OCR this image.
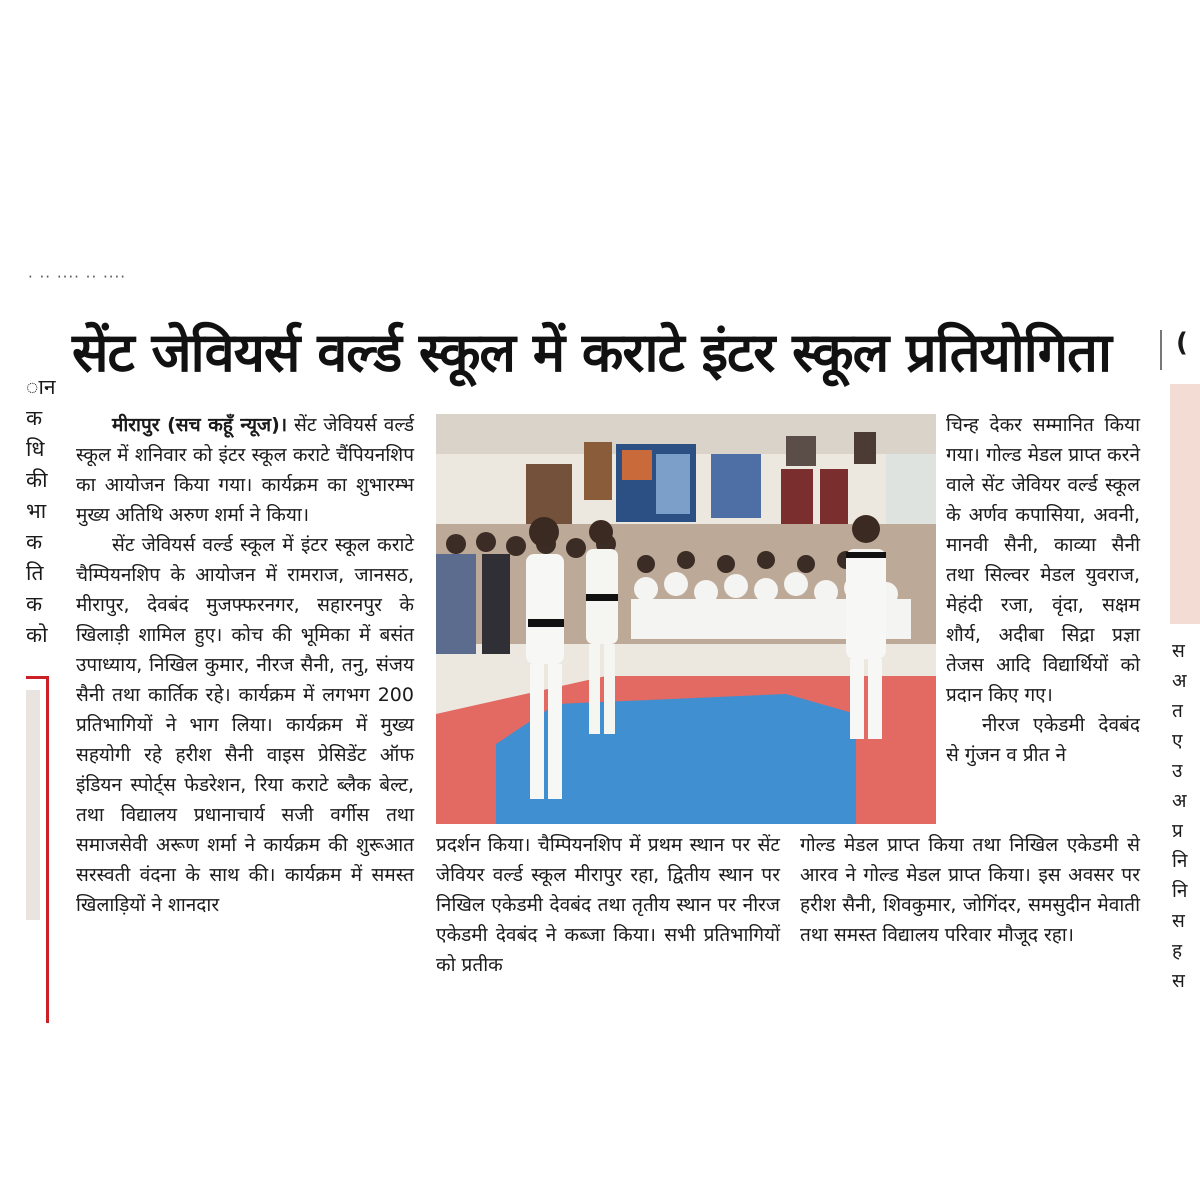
· ·· ···· ·· ····
सेंट जेवियर्स वर्ल्ड स्कूल में कराटे इंटर स्कूल प्रतियोगिता	(
ान
क
धि
की
भा
क
ति
क
को

मीरापुर (सच कहूँ न्यूज)। सेंट जेवियर्स वर्ल्ड स्कूल में शनिवार को इंटर स्कूल कराटे चैंपियनशिप का आयोजन किया गया। कार्यक्रम का शुभारम्भ मुख्य अतिथि अरुण शर्मा ने किया।

सेंट जेवियर्स वर्ल्ड स्कूल में इंटर स्कूल कराटे चैम्पियनशिप के आयोजन में रामराज, जानसठ, मीरापुर, देवबंद मुजफ्फरनगर, सहारनपुर के खिलाड़ी शामिल हुए। कोच की भूमिका में बसंत उपाध्याय, निखिल कुमार, नीरज सैनी, तनु, संजय सैनी तथा कार्तिक रहे। कार्यक्रम में लगभग 200 प्रतिभागियों ने भाग लिया। कार्यक्रम में मुख्य सहयोगी रहे हरीश सैनी वाइस प्रेसिडेंट ऑफ इंडियन स्पोर्ट्स फेडरेशन, रिया कराटे ब्लैक बेल्ट, तथा विद्यालय प्रधानाचार्य सजी वर्गीस तथा समाजसेवी अरूण शर्मा ने कार्यक्रम की शुरूआत सरस्वती वंदना के साथ की। कार्यक्रम में समस्त खिलाड़ियों ने शानदार

चिन्ह देकर सम्मानित किया गया। गोल्ड मेडल प्राप्त करने वाले सेंट जेवियर वर्ल्ड स्कूल के अर्णव कपासिया, अवनी, मानवी सैनी, काव्या सैनी तथा सिल्वर मेडल युवराज, मेहंदी रजा, वृंदा, सक्षम शौर्य, अदीबा सिद्रा प्रज्ञा तेजस आदि विद्यार्थियों को प्रदान किए गए।

नीरज एकेडमी देवबंद से गुंजन व प्रीत ने

प्रदर्शन किया। चैम्पियनशिप में प्रथम स्थान पर सेंट जेवियर वर्ल्ड स्कूल मीरापुर रहा, द्वितीय स्थान पर निखिल एकेडमी देवबंद तथा तृतीय स्थान पर नीरज एकेडमी देवबंद ने कब्जा किया। सभी प्रतिभागियों को प्रतीक

गोल्ड मेडल प्राप्त किया तथा निखिल एकेडमी से आरव ने गोल्ड मेडल प्राप्त किया। इस अवसर पर हरीश सैनी, शिवकुमार, जोगिंदर, समसुदीन मेवाती तथा समस्त विद्यालय परिवार मौजूद रहा।

स
अ
त
ए
उ
अ
प्र
नि
नि
स
ह
स
